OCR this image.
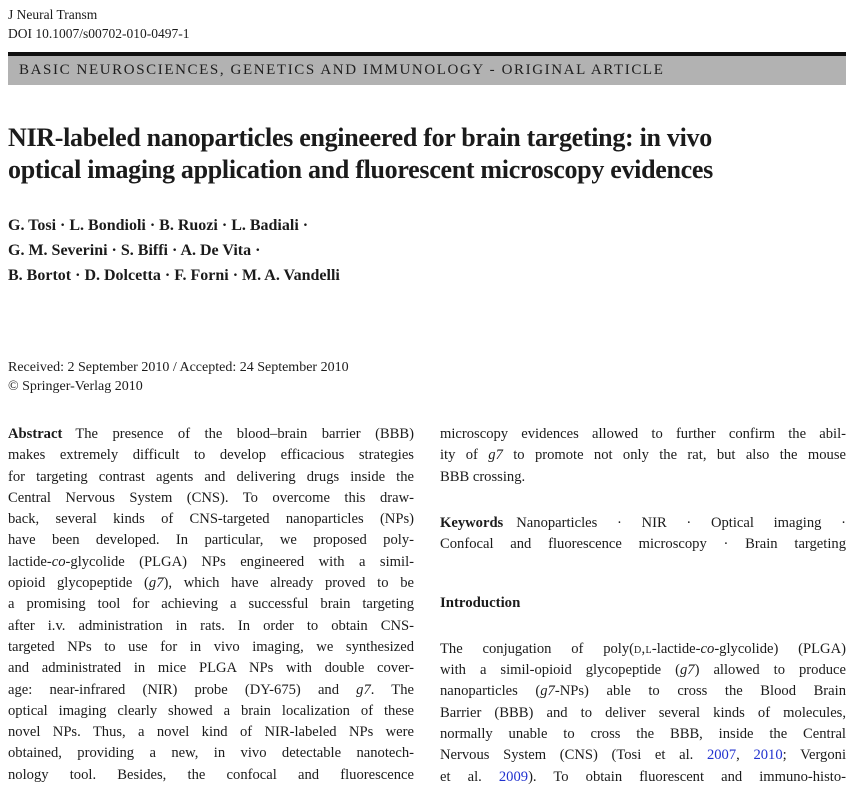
J Neural Transm
DOI 10.1007/s00702-010-0497-1
BASIC NEUROSCIENCES, GENETICS AND IMMUNOLOGY - ORIGINAL ARTICLE
NIR-labeled nanoparticles engineered for brain targeting: in vivo
optical imaging application and fluorescent microscopy evidences
G. Tosi · L. Bondioli · B. Ruozi · L. Badiali ·
G. M. Severini · S. Biffi · A. De Vita ·
B. Bortot · D. Dolcetta · F. Forni · M. A. Vandelli
Received: 2 September 2010 / Accepted: 24 September 2010
© Springer-Verlag 2010
Abstract The presence of the blood–brain barrier (BBB)
makes extremely difficult to develop efficacious strategies
for targeting contrast agents and delivering drugs inside the
Central Nervous System (CNS). To overcome this draw-
back, several kinds of CNS-targeted nanoparticles (NPs)
have been developed. In particular, we proposed poly-
lactide-co-glycolide (PLGA) NPs engineered with a simil-
opioid glycopeptide (g7), which have already proved to be
a promising tool for achieving a successful brain targeting
after i.v. administration in rats. In order to obtain CNS-
targeted NPs to use for in vivo imaging, we synthesized
and administrated in mice PLGA NPs with double cover-
age: near-infrared (NIR) probe (DY-675) and g7. The
optical imaging clearly showed a brain localization of these
novel NPs. Thus, a novel kind of NIR-labeled NPs were
obtained, providing a new, in vivo detectable nanotech-
nology tool. Besides, the confocal and fluorescence
microscopy evidences allowed to further confirm the abil-
ity of g7 to promote not only the rat, but also the mouse
BBB crossing.
Keywords Nanoparticles · NIR · Optical imaging ·
Confocal and fluorescence microscopy · Brain targeting
Introduction
The conjugation of poly(d,l-lactide-co-glycolide) (PLGA)
with a simil-opioid glycopeptide (g7) allowed to produce
nanoparticles (g7-NPs) able to cross the Blood Brain
Barrier (BBB) and to deliver several kinds of molecules,
normally unable to cross the BBB, inside the Central
Nervous System (CNS) (Tosi et al. 2007, 2010; Vergoni
et al. 2009). To obtain fluorescent and immuno-histo-
